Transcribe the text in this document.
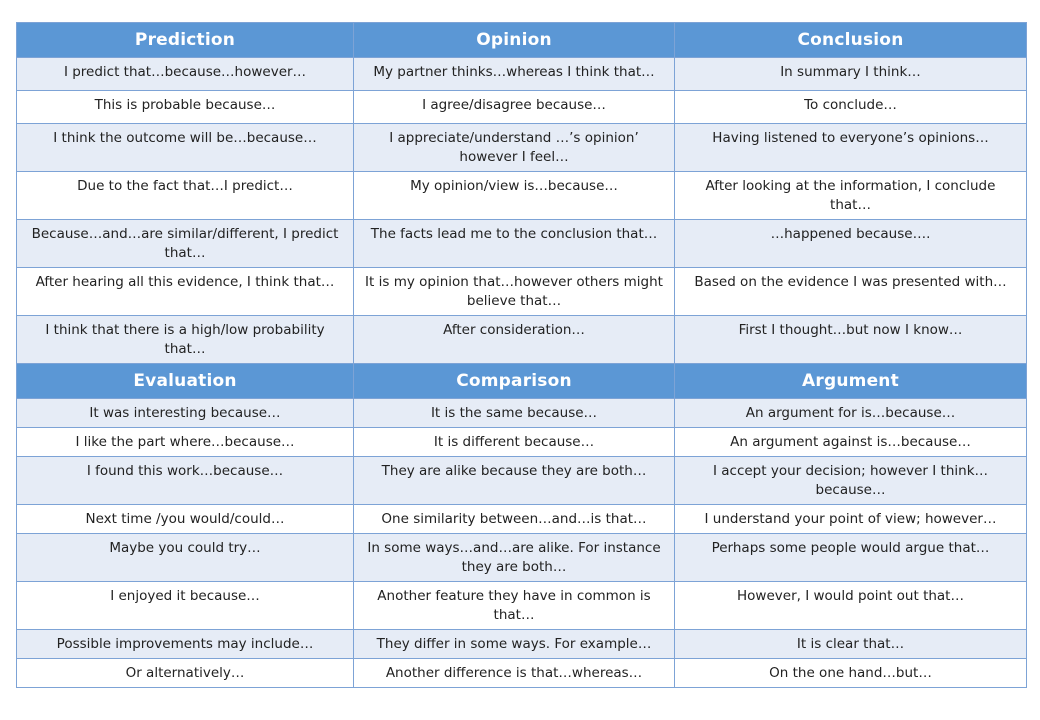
Prediction	Opinion	Conclusion
I predict that…because…however…	My partner thinks…whereas I think that…	In summary I think…
This is probable because…	I agree/disagree because…	To conclude…
I think the outcome will be…because…	I appreciate/understand …’s opinion’ however I feel…	Having listened to everyone’s opinions…
Due to the fact that…I predict…	My opinion/view is…because…	After looking at the information, I conclude that…
Because…and…are similar/different, I predict that…	The facts lead me to the conclusion that…	…happened because….
After hearing all this evidence, I think that…	It is my opinion that…however others might believe that…	Based on the evidence I was presented with…
I think that there is a high/low probability that…	After consideration…	First I thought…but now I know…
Evaluation	Comparison	Argument
It was interesting because…	It is the same because…	An argument for is…because…
I like the part where…because…	It is different because…	An argument against is…because…
I found this work…because…	They are alike because they are both…	I accept your decision; however I think…because…
Next time /you would/could…	One similarity between…and…is that…	I understand your point of view; however…
Maybe you could try…	In some ways…and…are alike. For instance they are both…	Perhaps some people would argue that…
I enjoyed it because…	Another feature they have in common is that…	However, I would point out that…
Possible improvements may include…	They differ in some ways. For example…	It is clear that…
Or alternatively…	Another difference is that…whereas…	On the one hand…but…
